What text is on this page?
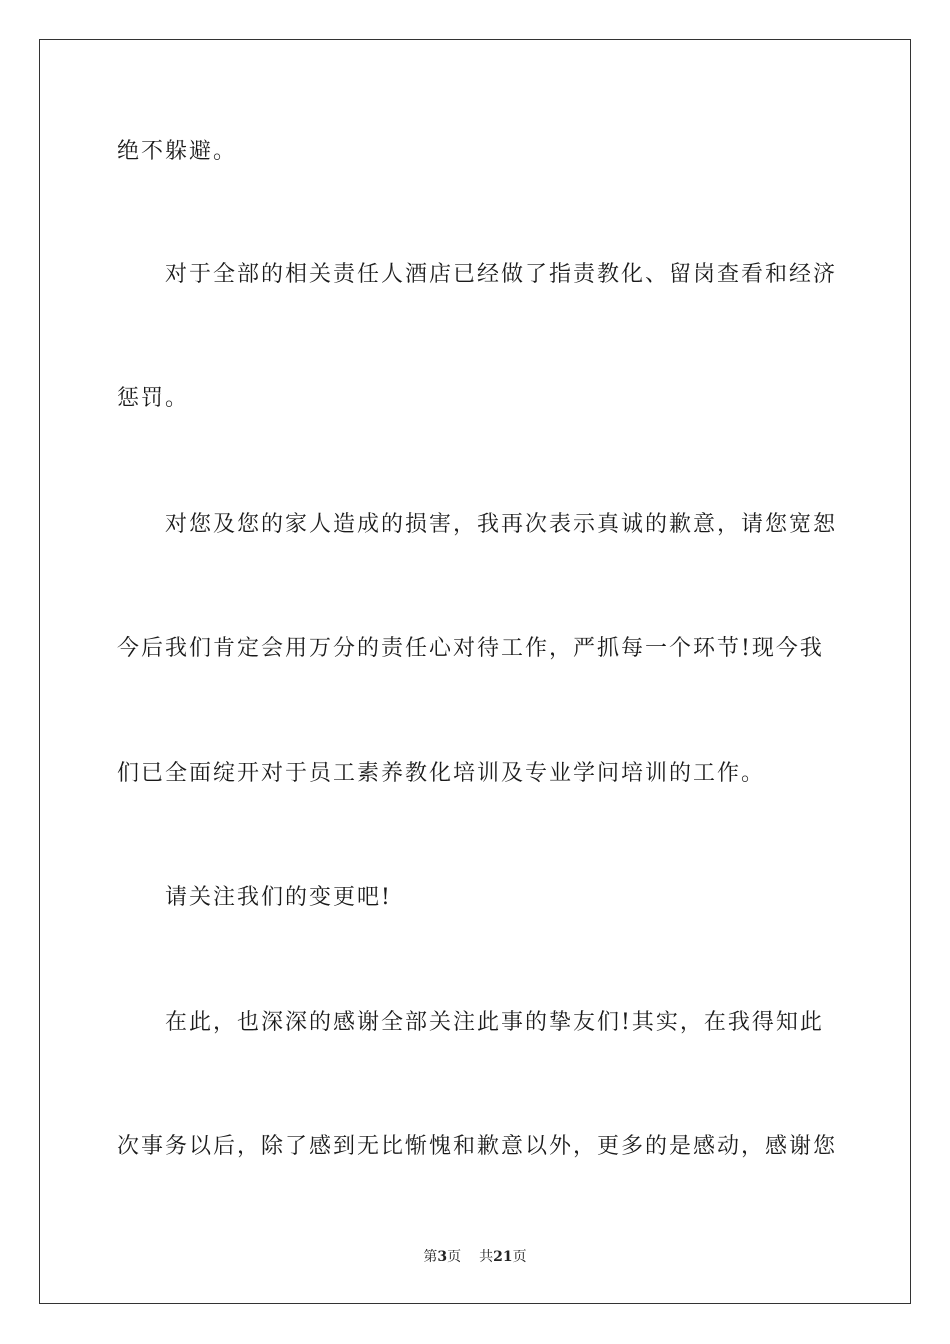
绝不躲避。
对于全部的相关责任人酒店已经做了指责教化、留岗查看和经济
惩罚。
对您及您的家人造成的损害，我再次表示真诚的歉意，请您宽恕
今后我们肯定会用万分的责任心对待工作，严抓每一个环节!现今我
们已全面绽开对于员工素养教化培训及专业学问培训的工作。
请关注我们的变更吧!
在此，也深深的感谢全部关注此事的挚友们!其实，在我得知此
次事务以后，除了感到无比惭愧和歉意以外，更多的是感动，感谢您
第3页 共21页
